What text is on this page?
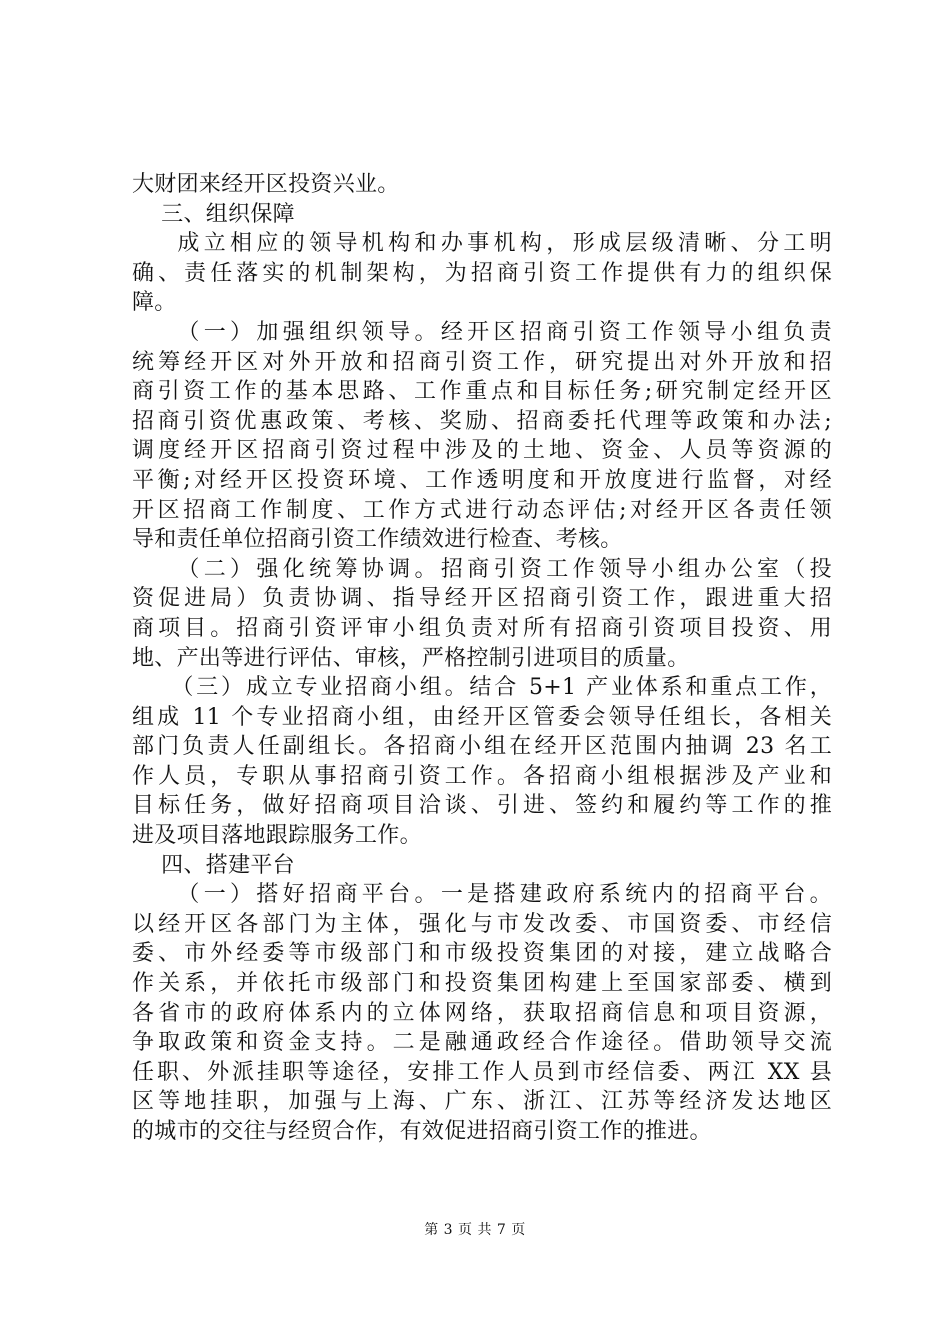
大财团来经开区投资兴业。
三、组织保障
成立相应的领导机构和办事机构，形成层级清晰、分工明
确、责任落实的机制架构，为招商引资工作提供有力的组织保
障。
（一）加强组织领导。经开区招商引资工作领导小组负责
统筹经开区对外开放和招商引资工作，研究提出对外开放和招
商引资工作的基本思路、工作重点和目标任务;研究制定经开区
招商引资优惠政策、考核、奖励、招商委托代理等政策和办法;
调度经开区招商引资过程中涉及的土地、资金、人员等资源的
平衡;对经开区投资环境、工作透明度和开放度进行监督，对经
开区招商工作制度、工作方式进行动态评估;对经开区各责任领
导和责任单位招商引资工作绩效进行检查、考核。
（二）强化统筹协调。招商引资工作领导小组办公室（投
资促进局）负责协调、指导经开区招商引资工作，跟进重大招
商项目。招商引资评审小组负责对所有招商引资项目投资、用
地、产出等进行评估、审核，严格控制引进项目的质量。
（三）成立专业招商小组。结合 5+1 产业体系和重点工作，
组成 11 个专业招商小组，由经开区管委会领导任组长，各相关
部门负责人任副组长。各招商小组在经开区范围内抽调 23 名工
作人员，专职从事招商引资工作。各招商小组根据涉及产业和
目标任务，做好招商项目洽谈、引进、签约和履约等工作的推
进及项目落地跟踪服务工作。
四、搭建平台
（一）搭好招商平台。一是搭建政府系统内的招商平台。
以经开区各部门为主体，强化与市发改委、市国资委、市经信
委、市外经委等市级部门和市级投资集团的对接，建立战略合
作关系，并依托市级部门和投资集团构建上至国家部委、横到
各省市的政府体系内的立体网络，获取招商信息和项目资源，
争取政策和资金支持。二是融通政经合作途径。借助领导交流
任职、外派挂职等途径，安排工作人员到市经信委、两江 XX 县
区等地挂职，加强与上海、广东、浙江、江苏等经济发达地区
的城市的交往与经贸合作，有效促进招商引资工作的推进。
第 3 页 共 7 页
